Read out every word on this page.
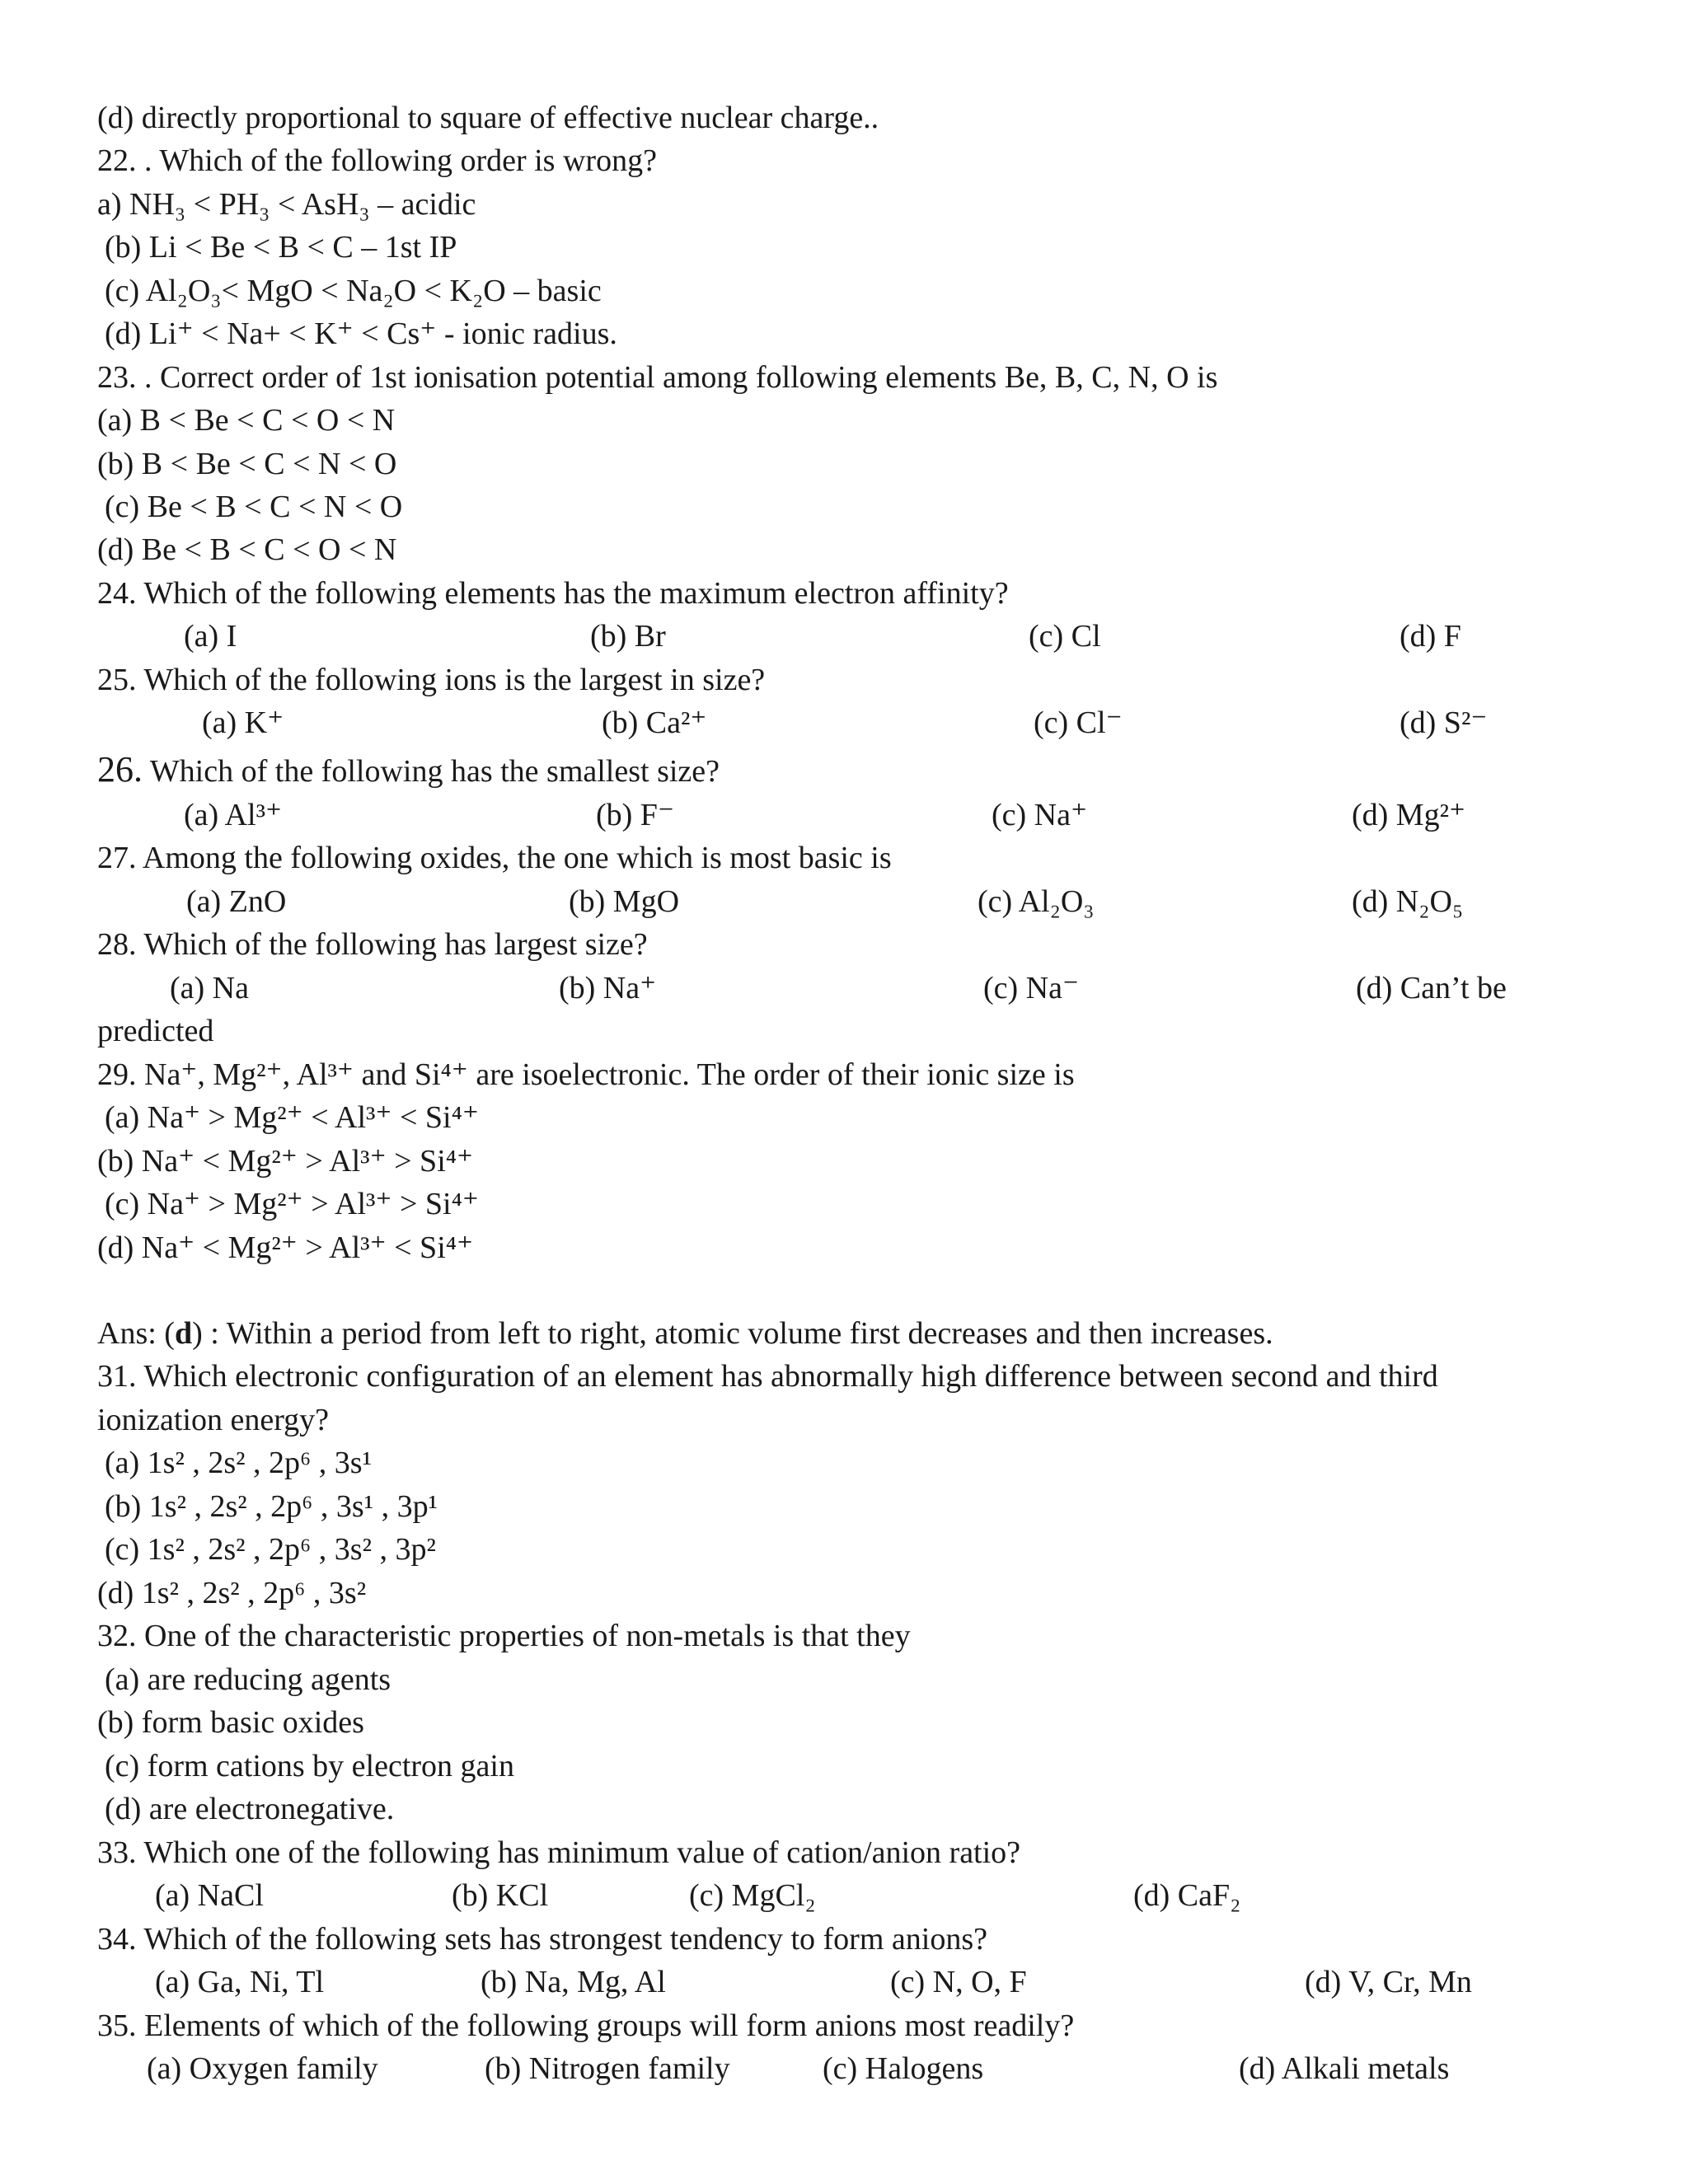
(d) directly proportional to square of effective nuclear charge..
22. . Which of the following order is wrong?
a) NH₃ < PH₃ < AsH₃ – acidic
(b) Li < Be < B < C – 1st IP
(c) Al₂O₃< MgO < Na₂O < K₂O – basic
(d) Li⁺ < Na+ < K⁺ < Cs⁺ - ionic radius.
23. . Correct order of 1st ionisation potential among following elements Be, B, C, N, O is
(a) B < Be < C < O < N
(b) B < Be < C < N < O
(c) Be < B < C < N < O
(d) Be < B < C < O < N
24. Which of the following elements has the maximum electron affinity?
(a) I	(b) Br	(c) Cl	(d) F
25. Which of the following ions is the largest in size?
(a) K⁺	(b) Ca²⁺	(c) Cl⁻	(d) S²⁻
26. Which of the following has the smallest size?
(a) Al³⁺	(b) F⁻	(c) Na⁺	(d) Mg²⁺
27. Among the following oxides, the one which is most basic is
(a) ZnO	(b) MgO	(c) Al₂O₃	(d) N₂O₅
28. Which of the following has largest size?
(a) Na	(b) Na⁺	(c) Na⁻	(d) Can’t be
predicted
29. Na⁺, Mg²⁺, Al³⁺ and Si⁴⁺ are isoelectronic. The order of their ionic size is
(a) Na⁺ > Mg²⁺ < Al³⁺ < Si⁴⁺
(b) Na⁺ < Mg²⁺ > Al³⁺ > Si⁴⁺
(c) Na⁺ > Mg²⁺ > Al³⁺ > Si⁴⁺
(d) Na⁺ < Mg²⁺ > Al³⁺ < Si⁴⁺
Ans: (d) : Within a period from left to right, atomic volume first decreases and then increases.
31. Which electronic configuration of an element has abnormally high difference between second and third
ionization energy?
(a) 1s² , 2s² , 2p⁶ , 3s¹
(b) 1s² , 2s² , 2p⁶ , 3s¹ , 3p¹
(c) 1s² , 2s² , 2p⁶ , 3s² , 3p²
(d) 1s² , 2s² , 2p⁶ , 3s²
32. One of the characteristic properties of non-metals is that they
(a) are reducing agents
(b) form basic oxides
(c) form cations by electron gain
(d) are electronegative.
33. Which one of the following has minimum value of cation/anion ratio?
(a) NaCl	(b) KCl	(c) MgCl₂	(d) CaF₂
34. Which of the following sets has strongest tendency to form anions?
(a) Ga, Ni, Tl	(b) Na, Mg, Al	(c) N, O, F	(d) V, Cr, Mn
35. Elements of which of the following groups will form anions most readily?
(a) Oxygen family	(b) Nitrogen family	(c) Halogens	(d) Alkali metals
